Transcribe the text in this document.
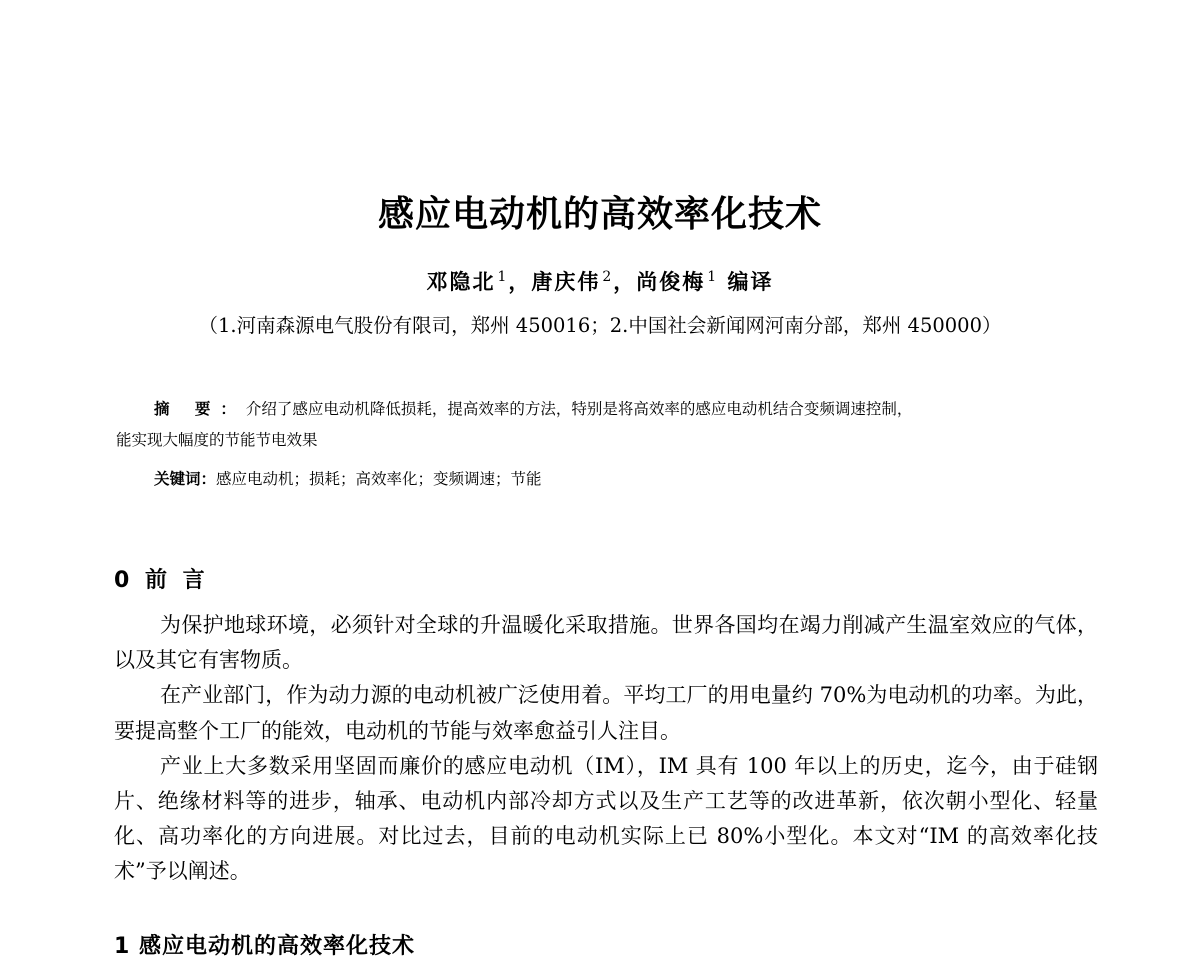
感应电动机的高效率化技术
邓隐北 $^1$，唐庆伟 $^2$，尚俊梅 $^1$ 编译
（1.河南森源电气股份有限司，郑州 450016；2.中国社会新闻网河南分部，郑州 450000）

摘 要：介绍了感应电动机降低损耗，提高效率的方法，特别是将高效率的感应电动机结合变频调速控制，

能实现大幅度的节能节电效果
关键词：感应电动机；损耗；高效率化；变频调速；节能
0 前 言

为保护地球环境，必须针对全球的升温暖化采取措施。世界各国均在竭力削减产生温室效应的气体，以及其它有害物质。

在产业部门，作为动力源的电动机被广泛使用着。平均工厂的用电量约 70%为电动机的功率。为此，要提高整个工厂的能效，电动机的节能与效率愈益引人注目。

产业上大多数采用坚固而廉价的感应电动机（IM），IM 具有 100 年以上的历史，迄今，由于硅钢片、绝缘材料等的进步，轴承、电动机内部冷却方式以及生产工艺等的改进革新，依次朝小型化、轻量化、高功率化的方向进展。对比过去，目前的电动机实际上已 80%小型化。本文对“IM 的高效率化技术”予以阐述。

1 感应电动机的高效率化技术
